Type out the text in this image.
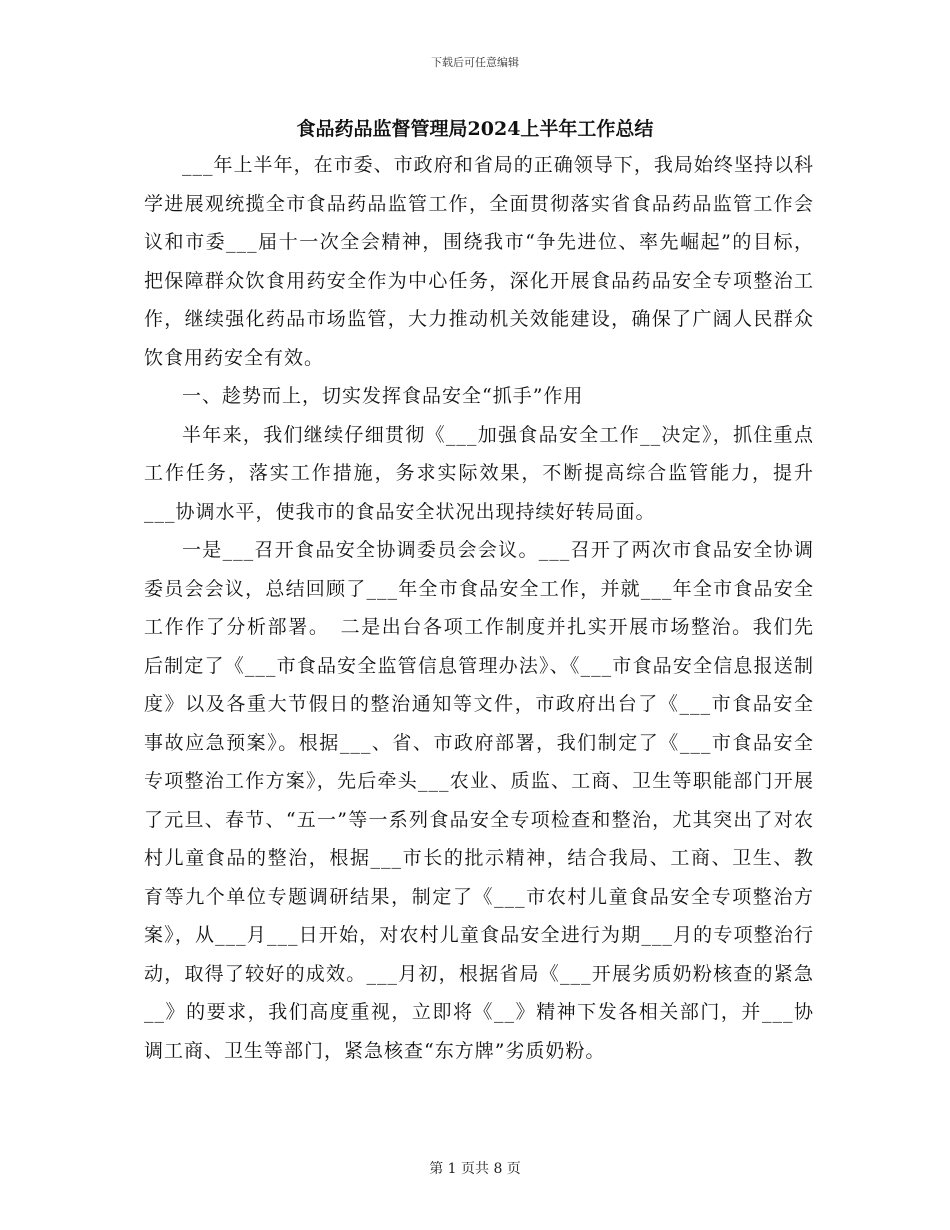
下载后可任意编辑
食品药品监督管理局2024上半年工作总结

___年上半年，在市委、市政府和省局的正确领导下，我局始终坚持以科学进展观统揽全市食品药品监管工作，全面贯彻落实省食品药品监管工作会议和市委___届十一次全会精神，围绕我市“争先进位、率先崛起”的目标，把保障群众饮食用药安全作为中心任务，深化开展食品药品安全专项整治工作，继续强化药品市场监管，大力推动机关效能建设，确保了广阔人民群众饮食用药安全有效。

一、趁势而上，切实发挥食品安全“抓手”作用

半年来，我们继续仔细贯彻《___加强食品安全工作__决定》，抓住重点工作任务，落实工作措施，务求实际效果，不断提高综合监管能力，提升___协调水平，使我市的食品安全状况出现持续好转局面。

一是___召开食品安全协调委员会会议。___召开了两次市食品安全协调委员会会议，总结回顾了___年全市食品安全工作，并就___年全市食品安全工作作了分析部署。　二是出台各项工作制度并扎实开展市场整治。我们先后制定了《___市食品安全监管信息管理办法》、《___市食品安全信息报送制度》以及各重大节假日的整治通知等文件，市政府出台了《___市食品安全事故应急预案》。根据___、省、市政府部署，我们制定了《___市食品安全专项整治工作方案》，先后牵头___农业、质监、工商、卫生等职能部门开展了元旦、春节、“五一”等一系列食品安全专项检查和整治，尤其突出了对农村儿童食品的整治，根据___市长的批示精神，结合我局、工商、卫生、教育等九个单位专题调研结果，制定了《___市农村儿童食品安全专项整治方案》，从___月___日开始，对农村儿童食品安全进行为期___月的专项整治行动，取得了较好的成效。___月初，根据省局《___开展劣质奶粉核查的紧急__》的要求，我们高度重视，立即将《__》精神下发各相关部门，并___协调工商、卫生等部门，紧急核查“东方牌”劣质奶粉。

第 1 页共 8 页
